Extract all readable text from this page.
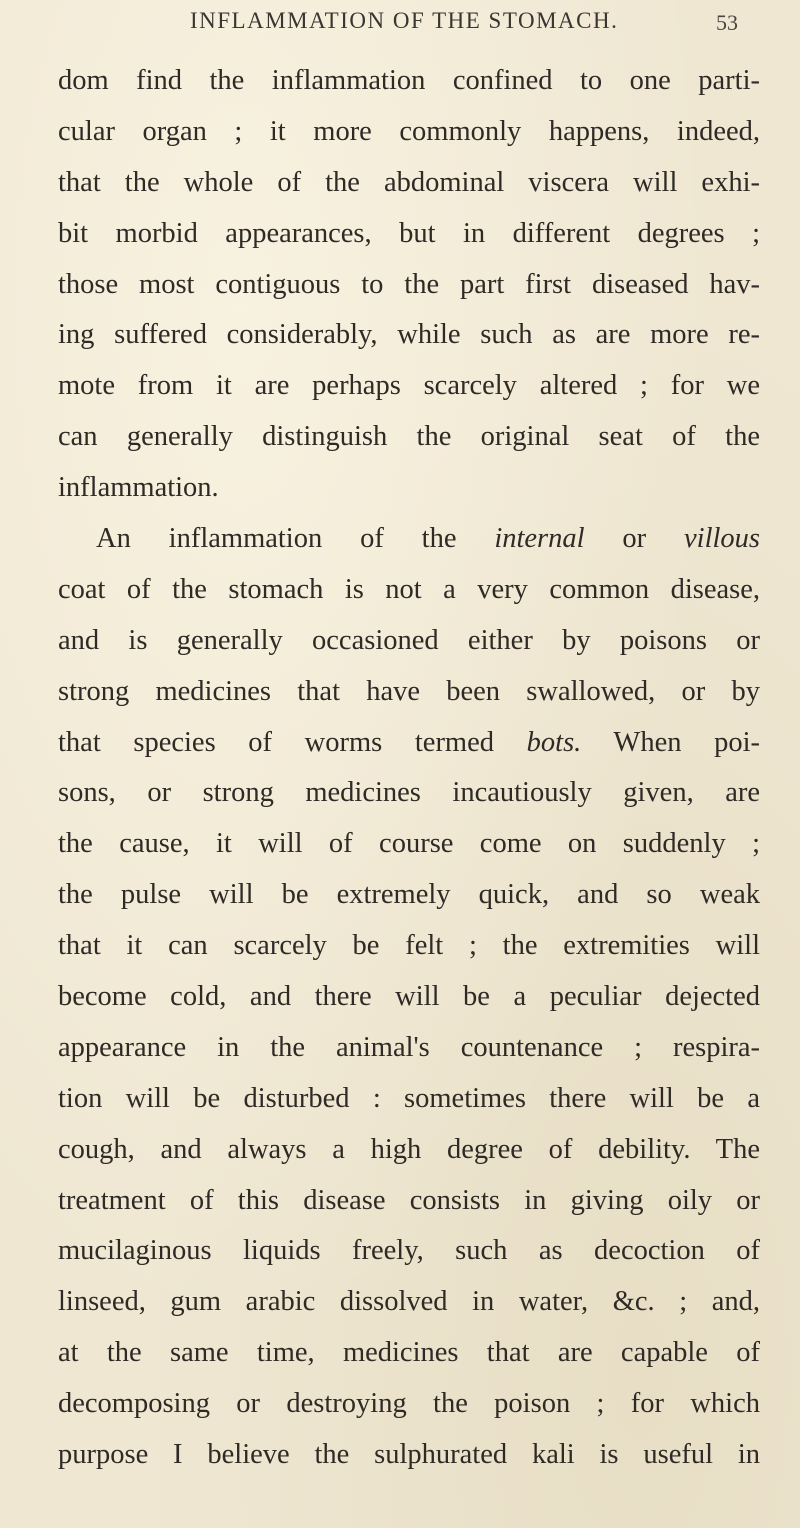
INFLAMMATION OF THE STOMACH.	53
dom find the inflammation confined to one parti-
cular organ ; it more commonly happens, indeed,
that the whole of the abdominal viscera will exhi-
bit morbid appearances, but in different degrees ;
those most contiguous to the part first diseased hav-
ing suffered considerably, while such as are more re-
mote from it are perhaps scarcely altered ; for we
can generally distinguish the original seat of the
inflammation.
An inflammation of the internal or villous
coat of the stomach is not a very common disease,
and is generally occasioned either by poisons or
strong medicines that have been swallowed, or by
that species of worms termed bots. When poi-
sons, or strong medicines incautiously given, are
the cause, it will of course come on suddenly ;
the pulse will be extremely quick, and so weak
that it can scarcely be felt ; the extremities will
become cold, and there will be a peculiar dejected
appearance in the animal's countenance ; respira-
tion will be disturbed : sometimes there will be a
cough, and always a high degree of debility. The
treatment of this disease consists in giving oily or
mucilaginous liquids freely, such as decoction of
linseed, gum arabic dissolved in water, &c. ; and,
at the same time, medicines that are capable of
decomposing or destroying the poison ; for which
purpose I believe the sulphurated kali is useful in
